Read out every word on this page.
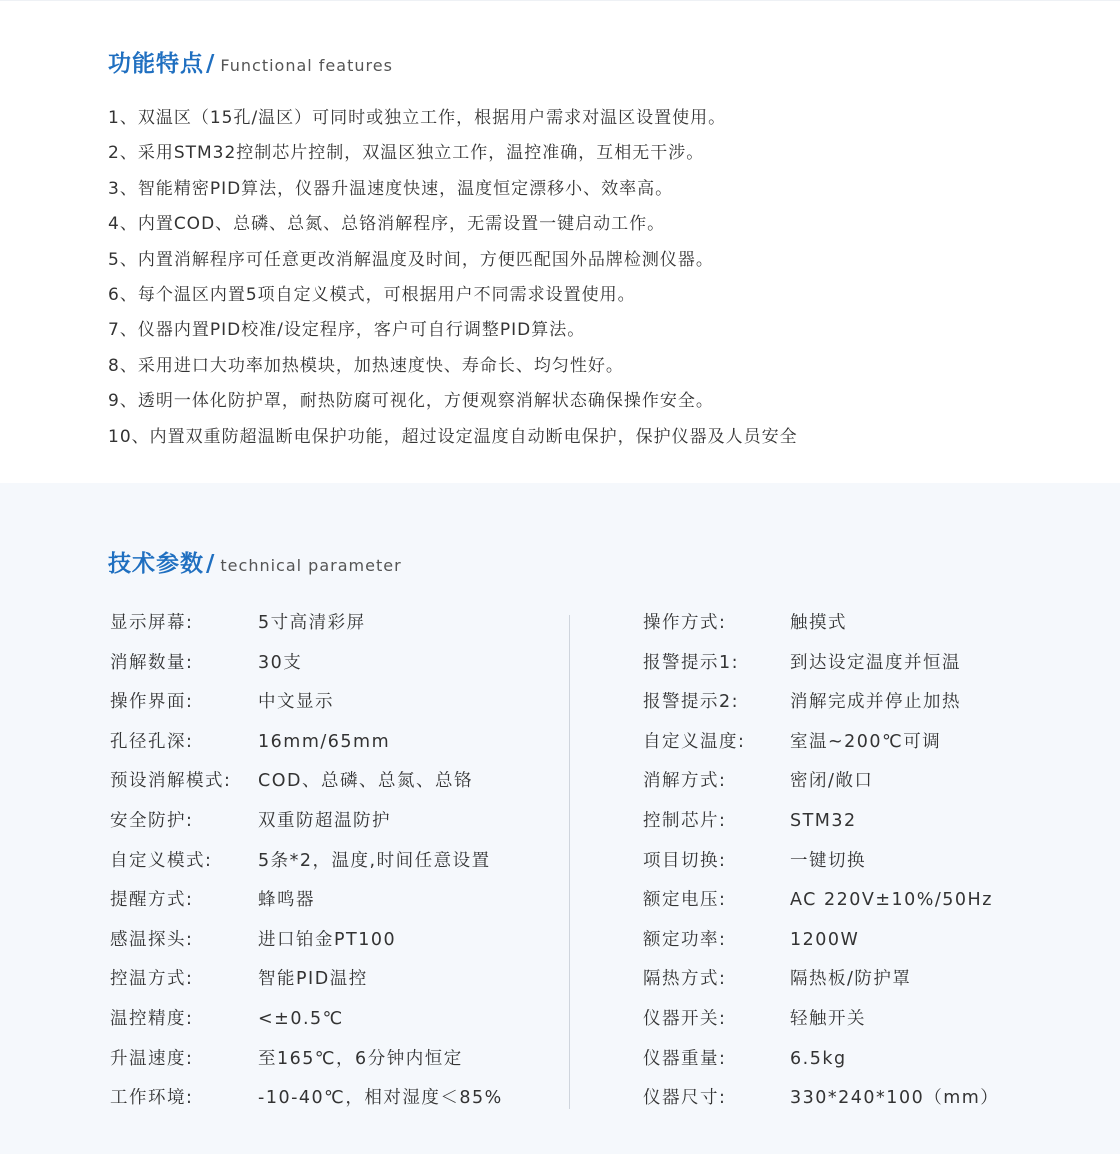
功能特点 / Functional features
1、双温区（15孔/温区）可同时或独立工作，根据用户需求对温区设置使用。
2、采用STM32控制芯片控制，双温区独立工作，温控准确，互相无干涉。
3、智能精密PID算法，仪器升温速度快速，温度恒定漂移小、效率高。
4、内置COD、总磷、总氮、总铬消解程序，无需设置一键启动工作。
5、内置消解程序可任意更改消解温度及时间，方便匹配国外品牌检测仪器。
6、每个温区内置5项自定义模式，可根据用户不同需求设置使用。
7、仪器内置PID校准/设定程序，客户可自行调整PID算法。
8、采用进口大功率加热模块，加热速度快、寿命长、均匀性好。
9、透明一体化防护罩，耐热防腐可视化，方便观察消解状态确保操作安全。
10、内置双重防超温断电保护功能，超过设定温度自动断电保护，保护仪器及人员安全
技术参数 / technical parameter
显示屏幕:	5寸高清彩屏
消解数量:	30支
操作界面:	中文显示
孔径孔深:	16mm/65mm
预设消解模式: COD、总磷、总氮、总铬
安全防护:	双重防超温防护
自定义模式:	5条*2，温度,时间任意设置
提醒方式:	蜂鸣器
感温探头:	进口铂金PT100
控温方式:	智能PID温控
温控精度:	<±0.5℃
升温速度:	至165℃，6分钟内恒定
工作环境:	-10-40℃，相对湿度＜85%
操作方式:	触摸式
报警提示1:	到达设定温度并恒温
报警提示2:	消解完成并停止加热
自定义温度:	室温~200℃可调
消解方式:	密闭/敞口
控制芯片:	STM32
项目切换:	一键切换
额定电压:	AC 220V±10%/50Hz
额定功率:	1200W
隔热方式:	隔热板/防护罩
仪器开关:	轻触开关
仪器重量:	6.5kg
仪器尺寸:	330*240*100（mm）
